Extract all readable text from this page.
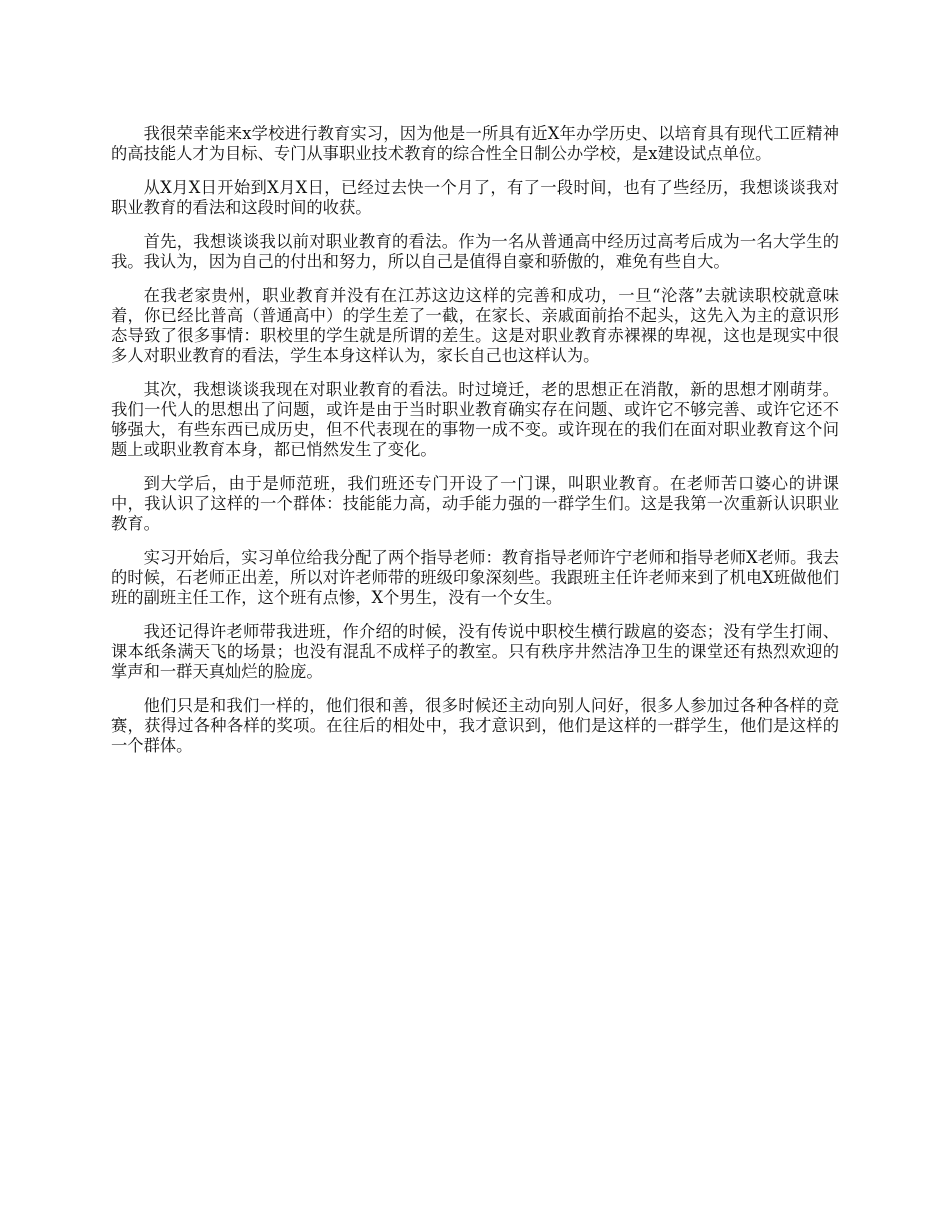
我很荣幸能来x学校进行教育实习，因为他是一所具有近X年办学历史、以培育具有现代工匠精神的高技能人才为目标、专门从事职业技术教育的综合性全日制公办学校，是x建设试点单位。

从X月X日开始到X月X日，已经过去快一个月了，有了一段时间，也有了些经历，我想谈谈我对职业教育的看法和这段时间的收获。

首先，我想谈谈我以前对职业教育的看法。作为一名从普通高中经历过高考后成为一名大学生的我。我认为，因为自己的付出和努力，所以自己是值得自豪和骄傲的，难免有些自大。

在我老家贵州，职业教育并没有在江苏这边这样的完善和成功，一旦“沦落”去就读职校就意味着，你已经比普高（普通高中）的学生差了一截，在家长、亲戚面前抬不起头，这先入为主的意识形态导致了很多事情：职校里的学生就是所谓的差生。这是对职业教育赤裸裸的卑视，这也是现实中很多人对职业教育的看法，学生本身这样认为，家长自己也这样认为。

其次，我想谈谈我现在对职业教育的看法。时过境迁，老的思想正在消散，新的思想才刚萌芽。我们一代人的思想出了问题，或许是由于当时职业教育确实存在问题、或许它不够完善、或许它还不够强大，有些东西已成历史，但不代表现在的事物一成不变。或许现在的我们在面对职业教育这个问题上或职业教育本身，都已悄然发生了变化。

到大学后，由于是师范班，我们班还专门开设了一门课，叫职业教育。在老师苦口婆心的讲课中，我认识了这样的一个群体：技能能力高，动手能力强的一群学生们。这是我第一次重新认识职业教育。

实习开始后，实习单位给我分配了两个指导老师：教育指导老师许宁老师和指导老师X老师。我去的时候，石老师正出差，所以对许老师带的班级印象深刻些。我跟班主任许老师来到了机电X班做他们班的副班主任工作，这个班有点惨，X个男生，没有一个女生。

我还记得许老师带我进班，作介绍的时候，没有传说中职校生横行跋扈的姿态；没有学生打闹、课本纸条满天飞的场景；也没有混乱不成样子的教室。只有秩序井然洁净卫生的课堂还有热烈欢迎的掌声和一群天真灿烂的脸庞。

他们只是和我们一样的，他们很和善，很多时候还主动向别人问好，很多人参加过各种各样的竞赛，获得过各种各样的奖项。在往后的相处中，我才意识到，他们是这样的一群学生，他们是这样的一个群体。
